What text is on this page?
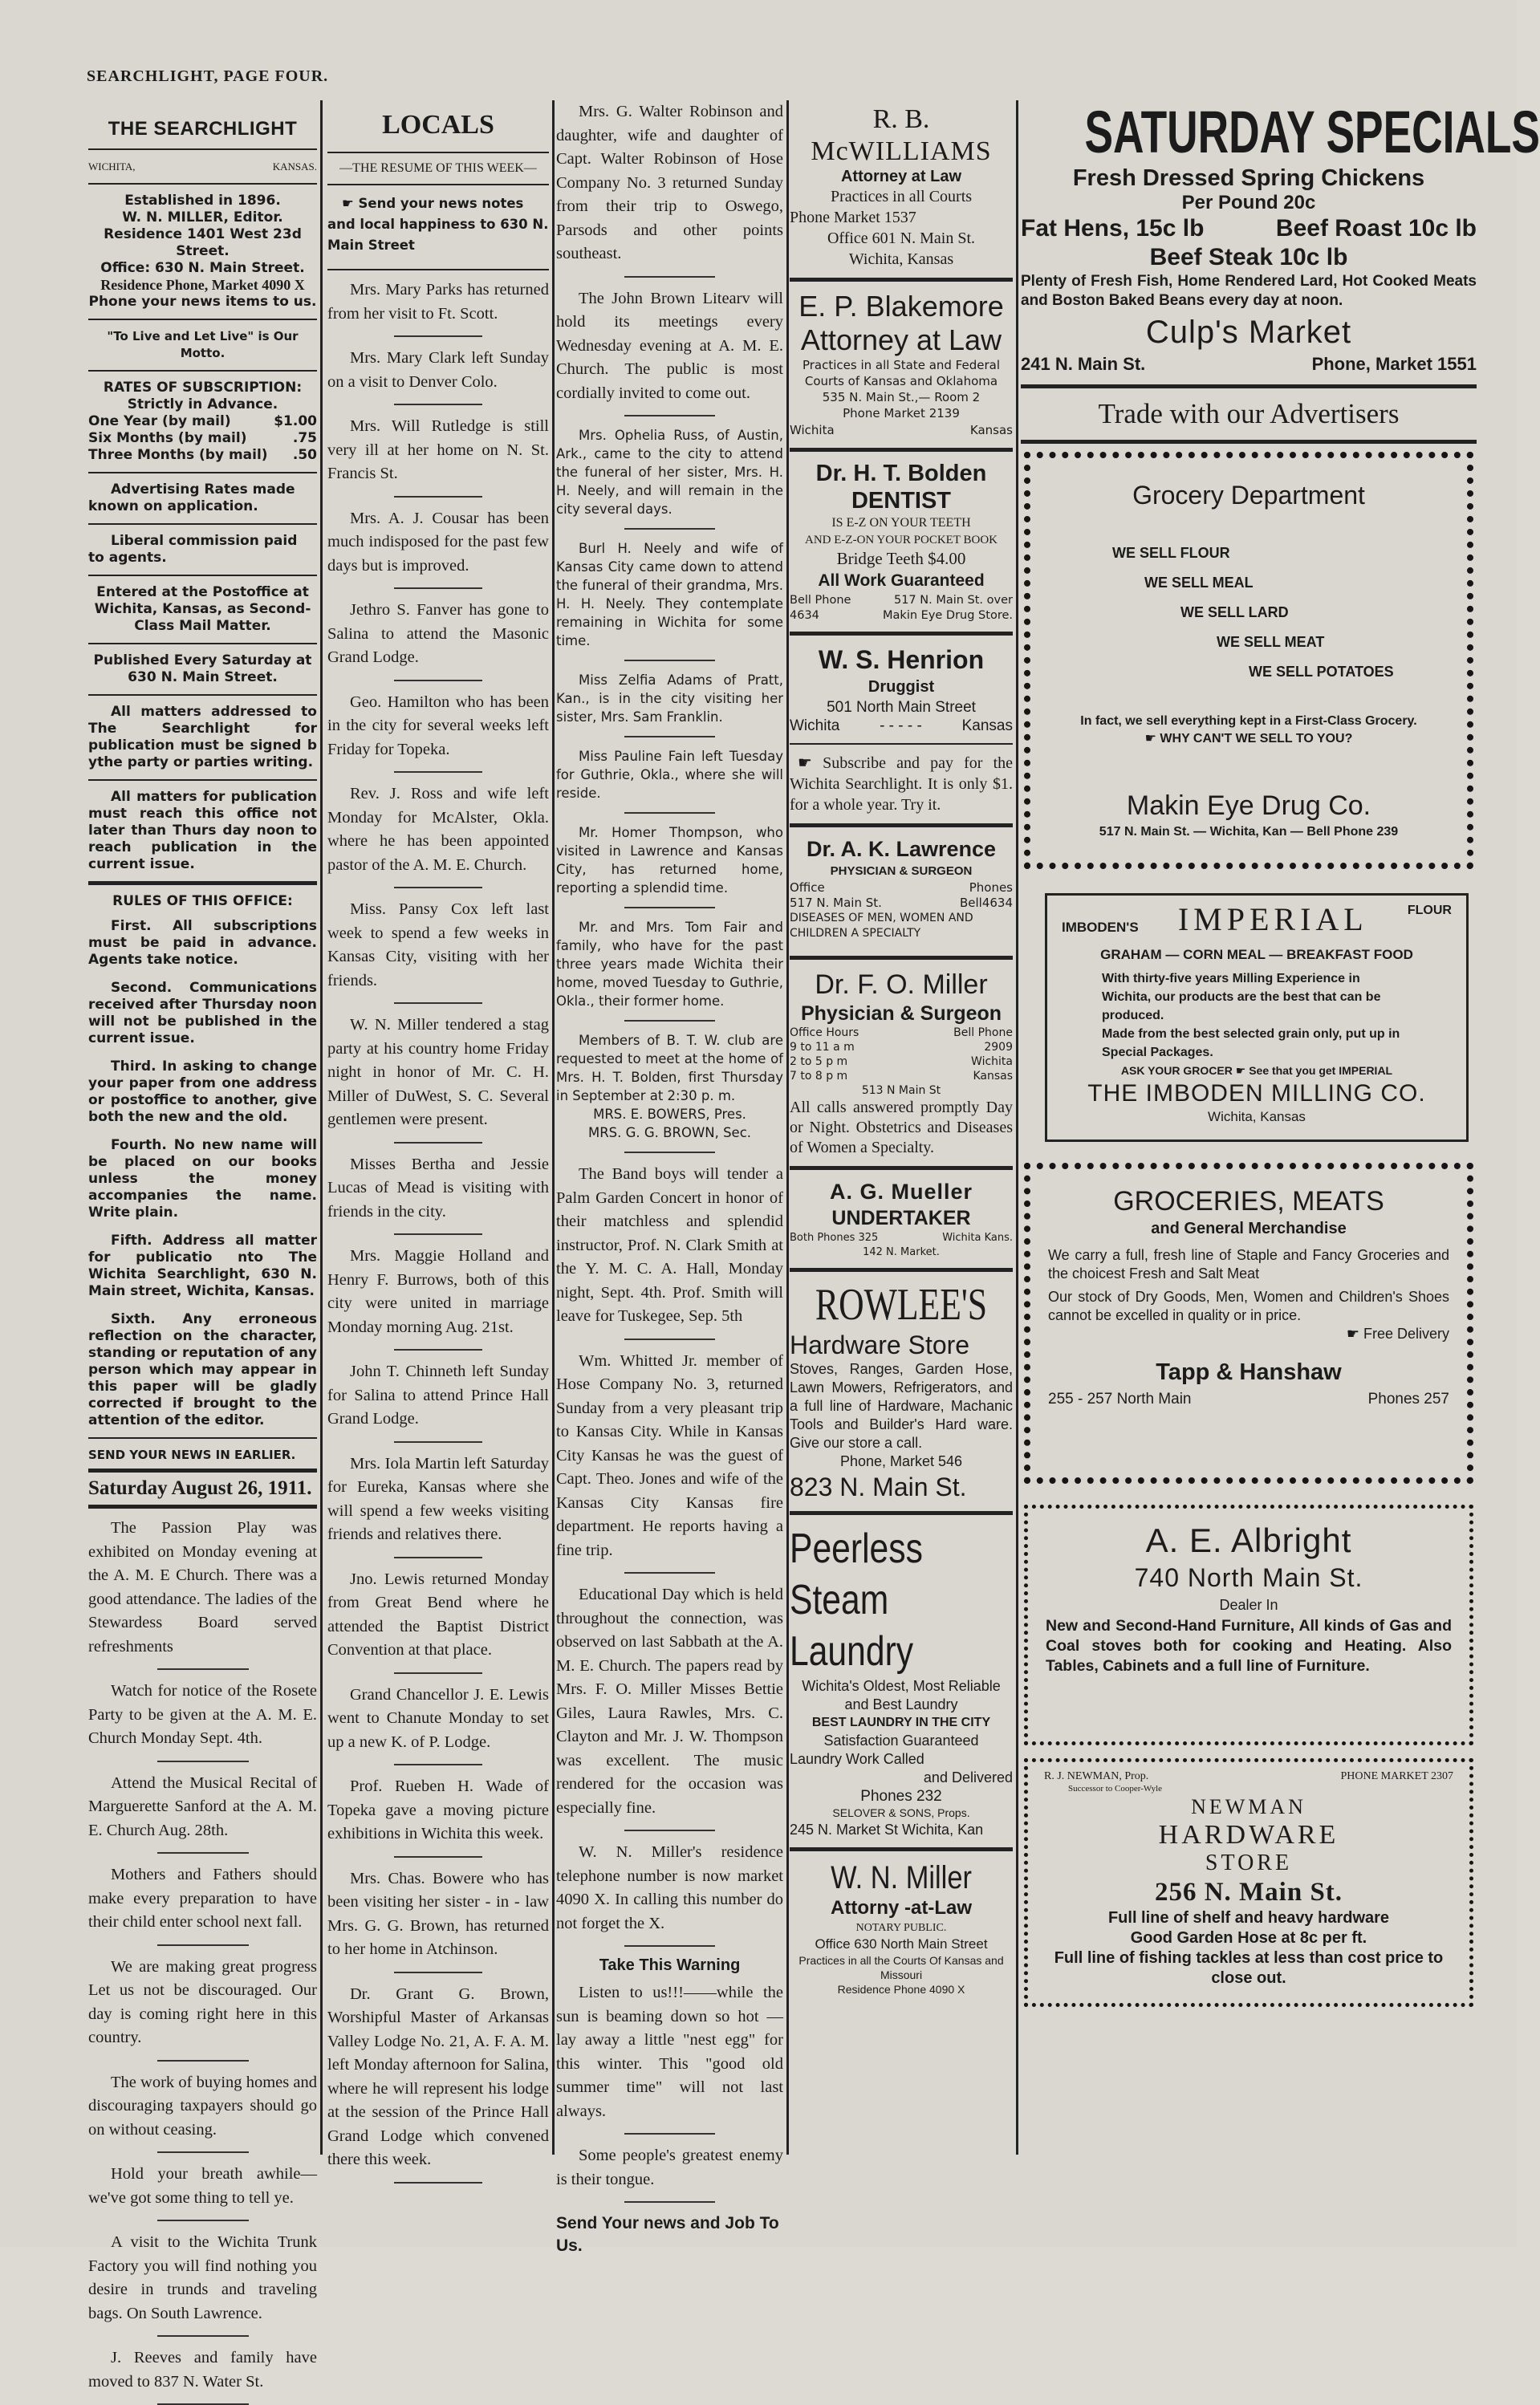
SEARCHLIGHT, PAGE FOUR.
THE SEARCHLIGHT
WICHITA,	KANSAS.
Established in 1896.
W. N. MILLER, Editor.
Residence 1401 West 23d Street.
Office: 630 N. Main Street.
Residence Phone, Market 4090 X
Phone your news items to us.
"To Live and Let Live" is Our Motto.
RATES OF SUBSCRIPTION:
Strictly in Advance.
One Year (by mail)	$1.00
Six Months (by mail)	.75
Three Months (by mail) .50
Advertising Rates made known on application.
Liberal commission paid to agents.
Entered at the Postoffice at Wichita, Kansas, as Second-Class Mail Matter.
Published Every Saturday at 630 N. Main Street.
All matters addressed to The Searchlight for publication must be signed b ythe party or parties writing.
All matters for publication must reach this office not later than Thurs day noon to reach publication in the current issue.
RULES OF THIS OFFICE:
First. All subscriptions must be paid in advance. Agents take notice.
Second. Communications received after Thursday noon will not be published in the current issue.
Third. In asking to change your paper from one address or postoffice to another, give both the new and the old.
Fourth. No new name will be placed on our books unless the money accompanies the name. Write plain.
Fifth. Address all matter for publicatio nto The Wichita Searchlight, 630 N. Main street, Wichita, Kansas.
Sixth. Any erroneous reflection on the character, standing or reputation of any person which may appear in this paper will be gladly corrected if brought to the attention of the editor.
SEND YOUR NEWS IN EARLIER.
Saturday August 26, 1911.
The Passion Play was exhibited on Monday evening at the A. M. E Church. There was a good attendance. The ladies of the Stewardess Board served refreshments
Watch for notice of the Rosete Party to be given at the A. M. E. Church Monday Sept. 4th.
Attend the Musical Recital of Marguerette Sanford at the A. M. E. Church Aug. 28th.
Mothers and Fathers should make every preparation to have their child enter school next fall.
We are making great progress Let us not be discouraged. Our day is coming right here in this country.
The work of buying homes and discouraging taxpayers should go on without ceasing.
Hold your breath awhile—we've got some thing to tell ye.
A visit to the Wichita Trunk Factory you will find nothing you desire in trunds and traveling bags. On South Lawrence.
J. Reeves and family have moved to 837 N. Water St.
LOCALS
—THE RESUME OF THIS WEEK—
☛ Send your news notes and local happiness to 630 N. Main Street
Mrs. Mary Parks has returned from her visit to Ft. Scott.
Mrs. Mary Clark left Sunday on a visit to Denver Colo.
Mrs. Will Rutledge is still very ill at her home on N. St. Francis St.
Mrs. A. J. Cousar has been much indisposed for the past few days but is improved.
Jethro S. Fanver has gone to Salina to attend the Masonic Grand Lodge.
Geo. Hamilton who has been in the city for several weeks left Friday for Topeka.
Rev. J. Ross and wife left Monday for McAlster, Okla. where he has been appointed pastor of the A. M. E. Church.
Miss. Pansy Cox left last week to spend a few weeks in Kansas City, visiting with her friends.
W. N. Miller tendered a stag party at his country home Friday night in honor of Mr. C. H. Miller of DuWest, S. C. Several gentlemen were present.
Misses Bertha and Jessie Lucas of Mead is visiting with friends in the city.
Mrs. Maggie Holland and Henry F. Burrows, both of this city were united in marriage Monday morning Aug. 21st.
John T. Chinneth left Sunday for Salina to attend Prince Hall Grand Lodge.
Mrs. Iola Martin left Saturday for Eureka, Kansas where she will spend a few weeks visiting friends and relatives there.
Jno. Lewis returned Monday from Great Bend where he attended the Baptist District Convention at that place.
Grand Chancellor J. E. Lewis went to Chanute Monday to set up a new K. of P. Lodge.
Prof. Rueben H. Wade of Topeka gave a moving picture exhibitions in Wichita this week.
Mrs. Chas. Bowere who has been visiting her sister - in - law Mrs. G. G. Brown, has returned to her home in Atchinson.
Dr. Grant G. Brown, Worshipful Master of Arkansas Valley Lodge No. 21, A. F. A. M. left Monday afternoon for Salina, where he will represent his lodge at the session of the Prince Hall Grand Lodge which convened there this week.
Mrs. G. Walter Robinson and daughter, wife and daughter of Capt. Walter Robinson of Hose Company No. 3 returned Sunday from their trip to Oswego, Parsods and other points southeast.
The John Brown Litearv will hold its meetings every Wednesday evening at A. M. E. Church. The public is most cordially invited to come out.
Mrs. Ophelia Russ, of Austin, Ark., came to the city to attend the funeral of her sister, Mrs. H. H. Neely, and will remain in the city several days.
Burl H. Neely and wife of Kansas City came down to attend the funeral of their grandma, Mrs. H. H. Neely. They contemplate remaining in Wichita for some time.
Miss Zelfia Adams of Pratt, Kan., is in the city visiting her sister, Mrs. Sam Franklin.
Miss Pauline Fain left Tuesday for Guthrie, Okla., where she will reside.
Mr. Homer Thompson, who visited in Lawrence and Kansas City, has returned home, reporting a splendid time.
Mr. and Mrs. Tom Fair and family, who have for the past three years made Wichita their home, moved Tuesday to Guthrie, Okla., their former home.
Members of B. T. W. club are requested to meet at the home of Mrs. H. T. Bolden, first Thursday in September at 2:30 p. m.
MRS. E. BOWERS, Pres.
MRS. G. G. BROWN, Sec.
The Band boys will tender a Palm Garden Concert in honor of their matchless and splendid instructor, Prof. N. Clark Smith at the Y. M. C. A. Hall, Monday night, Sept. 4th. Prof. Smith will leave for Tuskegee, Sep. 5th
Wm. Whitted Jr. member of Hose Company No. 3, returned Sunday from a very pleasant trip to Kansas City. While in Kansas City Kansas he was the guest of Capt. Theo. Jones and wife of the Kansas City Kansas fire department. He reports having a fine trip.
Educational Day which is held throughout the connection, was observed on last Sabbath at the A. M. E. Church. The papers read by Mrs. F. O. Miller Misses Bettie Giles, Laura Rawles, Mrs. C. Clayton and Mr. J. W. Thompson was excellent. The music rendered for the occasion was especially fine.
W. N. Miller's residence telephone number is now market 4090 X. In calling this number do not forget the X.
Take This Warning
Listen to us!!!——while the sun is beaming down so hot — lay away a little "nest egg" for this winter. This "good old summer time" will not last always.
Some people's greatest enemy is their tongue.
Send Your news and Job To Us.
R. B.
McWILLIAMS
Attorney at Law
Practices in all Courts
Phone Market 1537
Office 601 N. Main St.
Wichita, Kansas
E. P. Blakemore
Attorney at Law
Practices in all State and Federal Courts of Kansas and Oklahoma
535 N. Main St.,— Room 2
Phone Market 2139
Wichita	Kansas
Dr. H. T. Bolden
DENTIST
IS E-Z ON YOUR TEETH
AND E-Z-ON YOUR POCKET BOOK
Bridge Teeth $4.00
All Work Guaranteed
Bell Phone 4634
517 N. Main St. over Makin Eye Drug Store.
W. S. Henrion
Druggist
501 North Main Street
Wichita	- - - - -	Kansas
☛ Subscribe and pay for the Wichita Searchlight. It is only $1. for a whole year. Try it.
Dr. A. K. Lawrence
PHYSICIAN & SURGEON
Office	Phones
517 N. Main St.	Bell4634
DISEASES OF MEN, WOMEN AND CHILDREN A SPECIALTY
Dr. F. O. Miller
Physician & Surgeon
Office Hours	Bell Phone
9 to 11 a m	2909
2 to 5 p m	Wichita
7 to 8 p m	Kansas
513 N Main St
All calls answered promptly Day or Night. Obstetrics and Diseases of Women a Specialty.
A. G. Mueller
UNDERTAKER
Both Phones 325	Wichita Kans.
142 N. Market.
ROWLEE'S
Hardware Store
Stoves, Ranges, Garden Hose, Lawn Mowers, Refrigerators, and a full line of Hardware, Machanic Tools and Builder's Hard ware. Give our store a call.
Phone, Market 546
823 N. Main St.
Peerless
Steam
Laundry
Wichita's Oldest, Most Reliable and Best Laundry
BEST LAUNDRY IN THE CITY
Satisfaction Guaranteed
Laundry Work Called
and Delivered
Phones 232
SELOVER & SONS, Props.
245 N. Market St Wichita, Kan
W. N. Miller
Attorny -at-Law
NOTARY PUBLIC.
Office 630 North Main Street
Practices in all the Courts Of Kansas and Missouri
Residence Phone 4090 X
SATURDAY SPECIALS
Fresh Dressed Spring Chickens
Per Pound 20c
Fat Hens, 15c lb	Beef Roast 10c lb
Beef Steak 10c lb
Plenty of Fresh Fish, Home Rendered Lard, Hot Cooked Meats and Boston Baked Beans every day at noon.
Culp's Market
241 N. Main St.	Phone, Market 1551
Trade with our Advertisers
Grocery Department
WE SELL FLOUR
WE SELL MEAL
WE SELL LARD
WE SELL MEAT
WE SELL POTATOES
In fact, we sell everything kept in a First-Class Grocery.
☛ WHY CAN'T WE SELL TO YOU?
Makin Eye Drug Co.
517 N. Main St. — Wichita, Kan — Bell Phone 239
IMBODEN'S IMPERIAL	FLOUR
GRAHAM — CORN MEAL — BREAKFAST FOOD
With thirty-five years Milling Experience in Wichita, our products are the best that can be produced.
Made from the best selected grain only, put up in Special Packages.
ASK YOUR GROCER ☛ See that you get IMPERIAL
THE IMBODEN MILLING CO.
Wichita, Kansas
GROCERIES, MEATS
and General Merchandise
We carry a full, fresh line of Staple and Fancy Groceries and the choicest Fresh and Salt Meat
Our stock of Dry Goods, Men, Women and Children's Shoes cannot be excelled in quality or in price.
☛ Free Delivery
Tapp & Hanshaw
255 - 257 North Main	Phones 257
A. E. Albright
740 North Main St.
Dealer In
New and Second-Hand Furniture, All kinds of Gas and Coal stoves both for cooking and Heating. Also Tables, Cabinets and a full line of Furniture.
R. J. NEWMAN, Prop.	PHONE MARKET 2307
Successor to Cooper-Wyle
NEWMAN
HARDWARE
STORE
256 N. Main St.
Full line of shelf and heavy hardware
Good Garden Hose at 8c per ft.
Full line of fishing tackles at less than cost price to close out.
